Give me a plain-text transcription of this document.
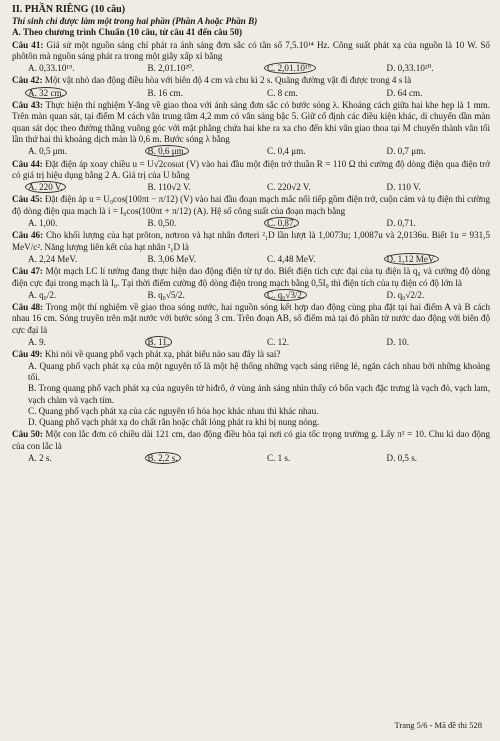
II. PHẦN RIÊNG (10 câu)
Thí sinh chỉ được làm một trong hai phần (Phần A hoặc Phần B)
A. Theo chương trình Chuẩn (10 câu, từ câu 41 đến câu 50)

Câu 41: Giả sử một nguồn sáng chỉ phát ra ánh sáng đơn sắc có tần số 7,5.10¹⁴ Hz. Công suất phát xạ của nguồn là 10 W. Số phôtôn mà nguồn sáng phát ra trong một giây xấp xỉ bằng

A. 0,33.10¹⁹.	B. 2,01.10²⁰.	C. 2,01.10¹⁹.	D. 0,33.10²⁰.

Câu 42: Một vật nhỏ dao động điều hòa với biên độ 4 cm và chu kì 2 s. Quãng đường vật đi được trong 4 s là

A. 32 cm.	B. 16 cm.	C. 8 cm.	D. 64 cm.

Câu 43: Thực hiện thí nghiệm Y-âng về giao thoa với ánh sáng đơn sắc có bước sóng λ. Khoảng cách giữa hai khe hẹp là 1 mm. Trên màn quan sát, tại điểm M cách vân trung tâm 4,2 mm có vân sáng bậc 5. Giữ cố định các điều kiện khác, di chuyển dần màn quan sát dọc theo đường thẳng vuông góc với mặt phẳng chứa hai khe ra xa cho đến khi vân giao thoa tại M chuyển thành vân tối lần thứ hai thì khoảng dịch màn là 0,6 m. Bước sóng λ bằng

A. 0,5 μm.	B. 0,6 μm.	C. 0,4 μm.	D. 0,7 μm.

Câu 44: Đặt điện áp xoay chiều u = U√2cosωt (V) vào hai đầu một điện trở thuần R = 110 Ω thì cường độ dòng điện qua điện trở có giá trị hiệu dụng bằng 2 A. Giá trị của U bằng

A. 220 V.	B. 110√2 V.	C. 220√2 V.	D. 110 V.

Câu 45: Đặt điện áp u = U₀cos(100πt − π/12) (V) vào hai đầu đoạn mạch mắc nối tiếp gồm điện trở, cuộn cảm và tụ điện thì cường độ dòng điện qua mạch là i = I₀cos(100πt + π/12) (A). Hệ số công suất của đoạn mạch bằng

A. 1,00.	B. 0,50.	C. 0,87.	D. 0,71.

Câu 46: Cho khối lượng của hạt prôton, nơtron và hạt nhân đơteri ²₁D lần lượt là 1,0073u; 1,0087u và 2,0136u. Biết 1u = 931,5 MeV/c². Năng lượng liên kết của hạt nhân ²₁D là

A. 2,24 MeV.	B. 3,06 MeV.	C. 4,48 MeV.	D. 1,12 MeV.

Câu 47: Một mạch LC lí tưởng đang thực hiện dao động điện từ tự do. Biết điện tích cực đại của tụ điện là q₀ và cường độ dòng điện cực đại trong mạch là I₀. Tại thời điểm cường độ dòng điện trong mạch bằng 0,5I₀ thì điện tích của tụ điện có độ lớn là

A. q₀/2.	B. q₀√5/2.	C. q₀√3/2.	D. q₀√2/2.

Câu 48: Trong một thí nghiệm về giao thoa sóng nước, hai nguồn sóng kết hợp dao động cùng pha đặt tại hai điểm A và B cách nhau 16 cm. Sóng truyền trên mặt nước với bước sóng 3 cm. Trên đoạn AB, số điểm mà tại đó phần tử nước dao động với biên độ cực đại là

A. 9.	B. 11.	C. 12.	D. 10.

Câu 49: Khi nói về quang phổ vạch phát xạ, phát biểu nào sau đây là sai?

A. Quang phổ vạch phát xạ của một nguyên tố là một hệ thống những vạch sáng riêng lẻ, ngăn cách nhau bởi những khoảng tối.

B. Trong quang phổ vạch phát xạ của nguyên tử hiđrô, ở vùng ánh sáng nhìn thấy có bốn vạch đặc trưng là vạch đỏ, vạch lam, vạch chàm và vạch tím.

C. Quang phổ vạch phát xạ của các nguyên tố hóa học khác nhau thì khác nhau.

D. Quang phổ vạch phát xạ do chất rắn hoặc chất lỏng phát ra khi bị nung nóng.

Câu 50: Một con lắc đơn có chiều dài 121 cm, dao động điều hòa tại nơi có gia tốc trọng trường g. Lấy π² = 10. Chu kì dao động của con lắc là

A. 2 s.	B. 2,2 s.	C. 1 s.	D. 0,5 s.
Trang 5/6 - Mã đề thi 528
